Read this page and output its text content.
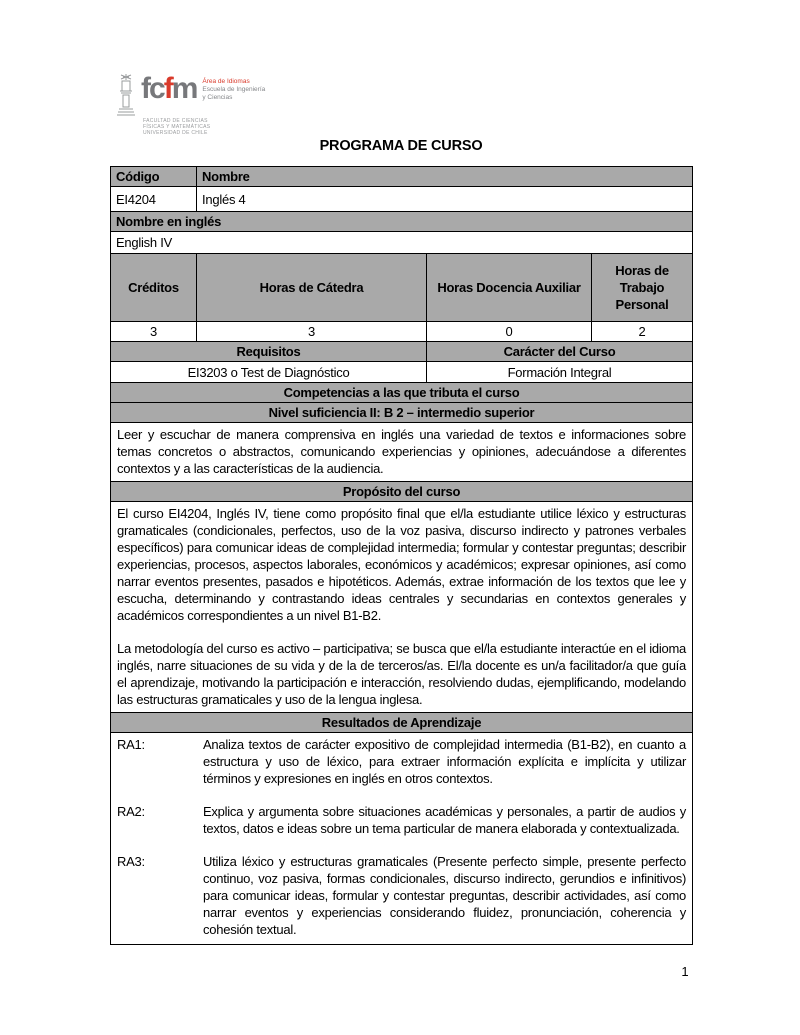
fcfm Área de Idiomas
Escuela de Ingeniería
y Ciencias
FACULTAD DE CIENCIAS
FÍSICAS Y MATEMÁTICAS
UNIVERSIDAD DE CHILE
PROGRAMA DE CURSO
Código	Nombre		
EI4204	Inglés 4		
Nombre en inglés			
English IV			
Créditos	Horas de Cátedra	Horas Docencia Auxiliar	Horas de Trabajo Personal
3	3	0	2
Requisitos		Carácter del Curso	
EI3203 o Test de Diagnóstico		Formación Integral	
Competencias a las que tributa el curso			
Nivel suficiencia II: B 2 – intermedio superior			
Leer y escuchar de manera comprensiva en inglés una variedad de textos e informaciones sobre temas concretos o abstractos, comunicando experiencias y opiniones, adecuándose a diferentes contextos y a las características de la audiencia.			
Propósito del curso			

El curso EI4204, Inglés IV, tiene como propósito final que el/la estudiante utilice léxico y estructuras gramaticales (condicionales, perfectos, uso de la voz pasiva, discurso indirecto y patrones verbales específicos) para comunicar ideas de complejidad intermedia; formular y contestar preguntas; describir experiencias, procesos, aspectos laborales, económicos y académicos; expresar opiniones, así como narrar eventos presentes, pasados e hipotéticos. Además, extrae información de los textos que lee y escucha, determinando y contrastando ideas centrales y secundarias en contextos generales y académicos correspondientes a un nivel B1-B2.

La metodología del curso es activo – participativa; se busca que el/la estudiante interactúe en el idioma inglés, narre situaciones de su vida y de la de terceros/as. El/la docente es un/a facilitador/a que guía el aprendizaje, motivando la participación e interacción, resolviendo dudas, ejemplificando, modelando las estructuras gramaticales y uso de la lengua inglesa.			

Resultados de Aprendizaje			

RA1:	Analiza textos de carácter expositivo de complejidad intermedia (B1-B2), en cuanto a estructura y uso de léxico, para extraer información explícita e implícita y utilizar términos y expresiones en inglés en otros contextos.
RA2:	Explica y argumenta sobre situaciones académicas y personales, a partir de audios y textos, datos e ideas sobre un tema particular de manera elaborada y contextualizada.
RA3:	Utiliza léxico y estructuras gramaticales (Presente perfecto simple, presente perfecto continuo, voz pasiva, formas condicionales, discurso indirecto, gerundios e infinitivos) para comunicar ideas, formular y contestar preguntas, describir actividades, así como narrar eventos y experiencias considerando fluidez, pronunciación, coherencia y cohesión textual.
1
